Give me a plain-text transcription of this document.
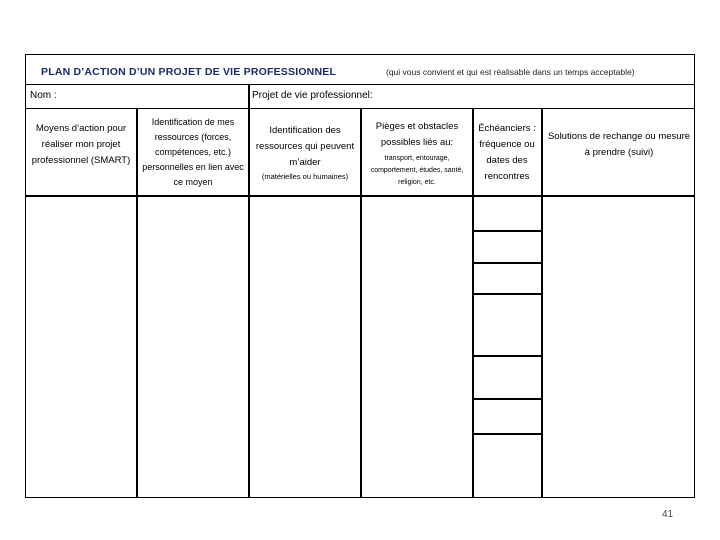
PLAN D’ACTION D’UN PROJET DE VIE PROFESSIONNEL	(qui vous convient et qui est réalisable dans un temps acceptable)
Nom :	Projet de vie professionnel:
Moyens d’action pour réaliser mon projet professionnel (SMART)
Identification de mes ressources (forces, compétences, etc.) personnelles en lien avec ce moyen
Identification des ressources qui peuvent m’aider
(matérielles ou humaines)
Pièges et obstacles possibles liés au:
transport, entourage, comportement, études, santé, religion, etc.
Échéanciers : fréquence ou dates des rencontres
Solutions de rechange ou mesure à prendre (suivi)
41
